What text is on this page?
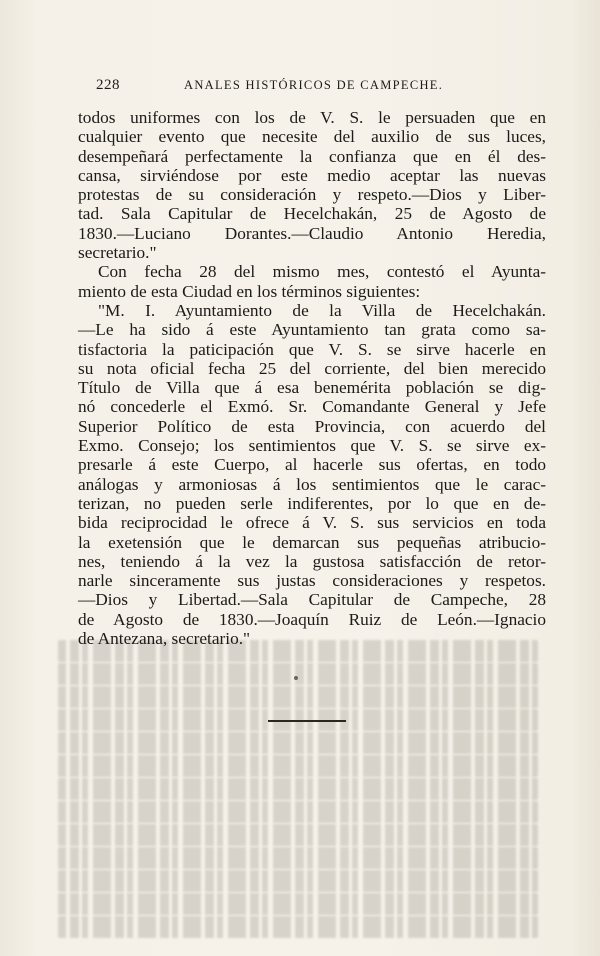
228	ANALES HISTÓRICOS DE CAMPECHE.
todos uniformes con los de V. S. le persuaden que en
cualquier evento que necesite del auxilio de sus luces,
desempeñará perfectamente la confianza que en él des-
cansa, sirviéndose por este medio aceptar las nuevas
protestas de su consideración y respeto.—Dios y Liber-
tad. Sala Capitular de Hecelchakán, 25 de Agosto de
1830.—Luciano Dorantes.—Claudio Antonio Heredia,
secretario."
Con fecha 28 del mismo mes, contestó el Ayunta-
miento de esta Ciudad en los términos siguientes:
"M. I. Ayuntamiento de la Villa de Hecelchakán.
—Le ha sido á este Ayuntamiento tan grata como sa-
tisfactoria la paticipación que V. S. se sirve hacerle en
su nota oficial fecha 25 del corriente, del bien merecido
Título de Villa que á esa benemérita población se dig-
nó concederle el Exmó. Sr. Comandante General y Jefe
Superior Político de esta Provincia, con acuerdo del
Exmo. Consejo; los sentimientos que V. S. se sirve ex-
presarle á este Cuerpo, al hacerle sus ofertas, en todo
análogas y armoniosas á los sentimientos que le carac-
terizan, no pueden serle indiferentes, por lo que en de-
bida reciprocidad le ofrece á V. S. sus servicios en toda
la exetensión que le demarcan sus pequeñas atribucio-
nes, teniendo á la vez la gustosa satisfacción de retor-
narle sinceramente sus justas consideraciones y respetos.
—Dios y Libertad.—Sala Capitular de Campeche, 28
de Agosto de 1830.—Joaquín Ruiz de León.—Ignacio
de Antezana, secretario."
